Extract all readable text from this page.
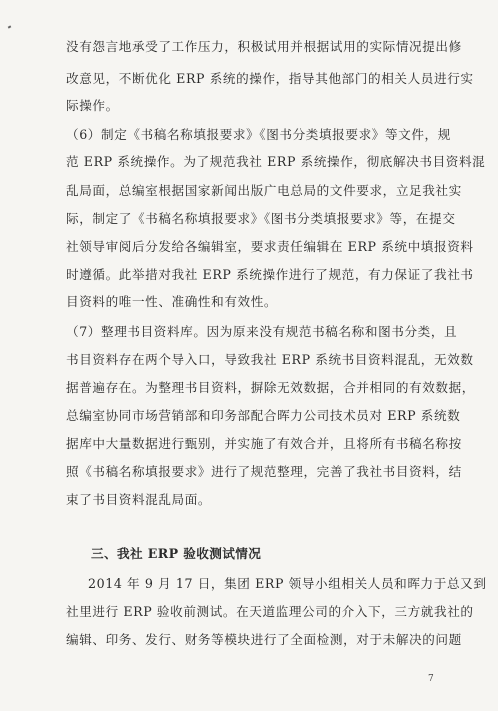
没有怨言地承受了工作压力，积极试用并根据试用的实际情况提出修
改意见，不断优化 ERP 系统的操作，指导其他部门的相关人员进行实
际操作。
（6）制定《书稿名称填报要求》《图书分类填报要求》等文件，规
范 ERP 系统操作。为了规范我社 ERP 系统操作，彻底解决书目资料混
乱局面，总编室根据国家新闻出版广电总局的文件要求，立足我社实
际，制定了《书稿名称填报要求》《图书分类填报要求》等，在提交
社领导审阅后分发给各编辑室，要求责任编辑在 ERP 系统中填报资料
时遵循。此举措对我社 ERP 系统操作进行了规范，有力保证了我社书
目资料的唯一性、准确性和有效性。
（7）整理书目资料库。因为原来没有规范书稿名称和图书分类，且
书目资料存在两个导入口，导致我社 ERP 系统书目资料混乱，无效数
据普遍存在。为整理书目资料，摒除无效数据，合并相同的有效数据，
总编室协同市场营销部和印务部配合晖力公司技术员对 ERP 系统数
据库中大量数据进行甄别，并实施了有效合并，且将所有书稿名称按
照《书稿名称填报要求》进行了规范整理，完善了我社书目资料，结
束了书目资料混乱局面。
三、我社 ERP 验收测试情况
2014 年 9 月 17 日，集团 ERP 领导小组相关人员和晖力于总又到
社里进行 ERP 验收前测试。在天道监理公司的介入下，三方就我社的
编辑、印务、发行、财务等模块进行了全面检测，对于未解决的问题
7
